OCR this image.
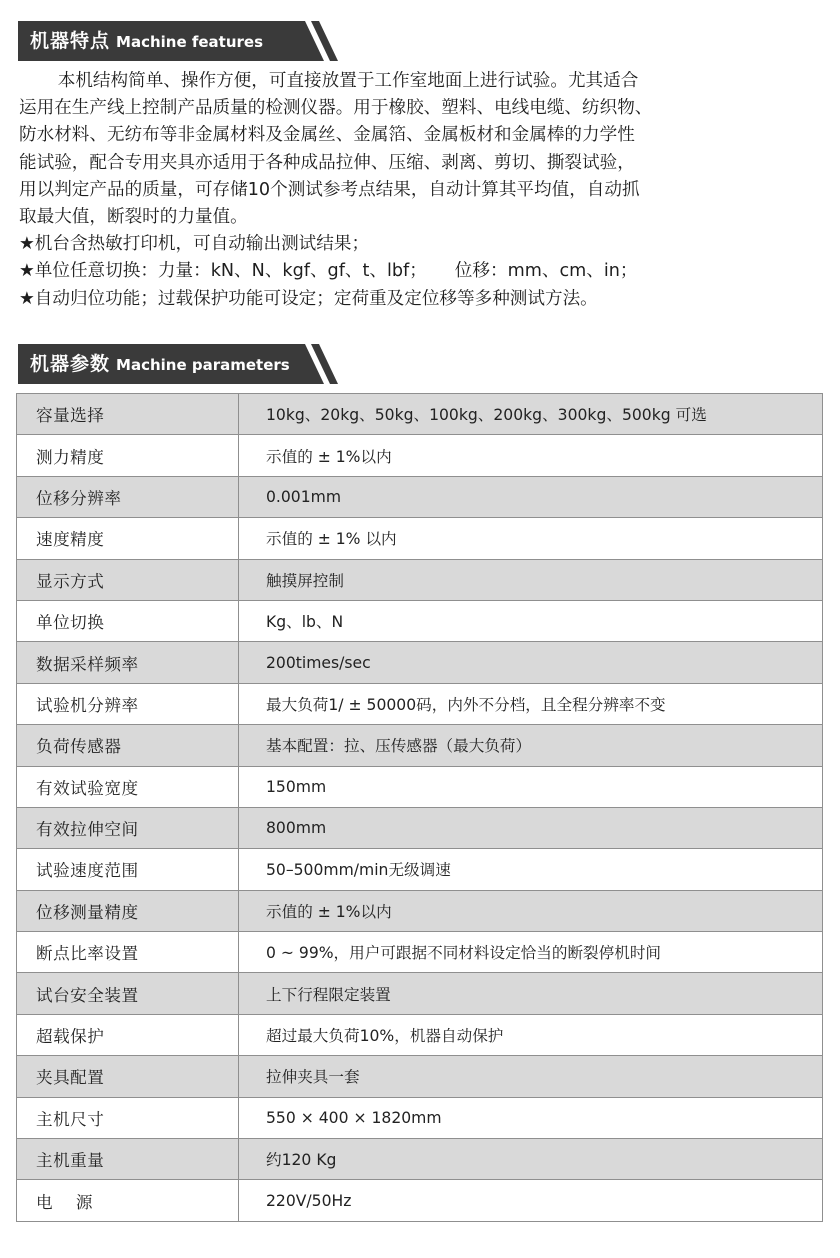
机器特点 Machine features

本机结构简单、操作方便，可直接放置于工作室地面上进行试验。尤其适合

运用在生产线上控制产品质量的检测仪器。用于橡胶、塑料、电线电缆、纺织物、

防水材料、无纺布等非金属材料及金属丝、金属箔、金属板材和金属棒的力学性

能试验，配合专用夹具亦适用于各种成品拉伸、压缩、剥离、剪切、撕裂试验，

用以判定产品的质量，可存储10个测试参考点结果，自动计算其平均值，自动抓

取最大值，断裂时的力量值。

★机台含热敏打印机，可自动输出测试结果；

★单位任意切换：力量：kN、N、kgf、gf、t、lbf；     位移：mm、cm、in；

★自动归位功能；过载保护功能可设定；定荷重及定位移等多种测试方法。

机器参数 Machine parameters
容量选择	10kg、20kg、50kg、100kg、200kg、300kg、500kg 可选
测力精度	示值的 ± 1%以内
位移分辨率	0.001mm
速度精度	示值的 ± 1% 以内
显示方式	触摸屏控制
单位切换	Kg、lb、N
数据采样频率	200times/sec
试验机分辨率	最大负荷1/ ± 50000码，内外不分档，且全程分辨率不变
负荷传感器	基本配置：拉、压传感器（最大负荷）
有效试验宽度	150mm
有效拉伸空间	800mm
试验速度范围	50–500mm/min无级调速
位移测量精度	示值的 ± 1%以内
断点比率设置	0 ~ 99%，用户可跟据不同材料设定恰当的断裂停机时间
试台安全装置	上下行程限定装置
超载保护	超过最大负荷10%，机器自动保护
夹具配置	拉伸夹具一套
主机尺寸	550 × 400 × 1820mm
主机重量	约120 Kg
电源	220V/50Hz
